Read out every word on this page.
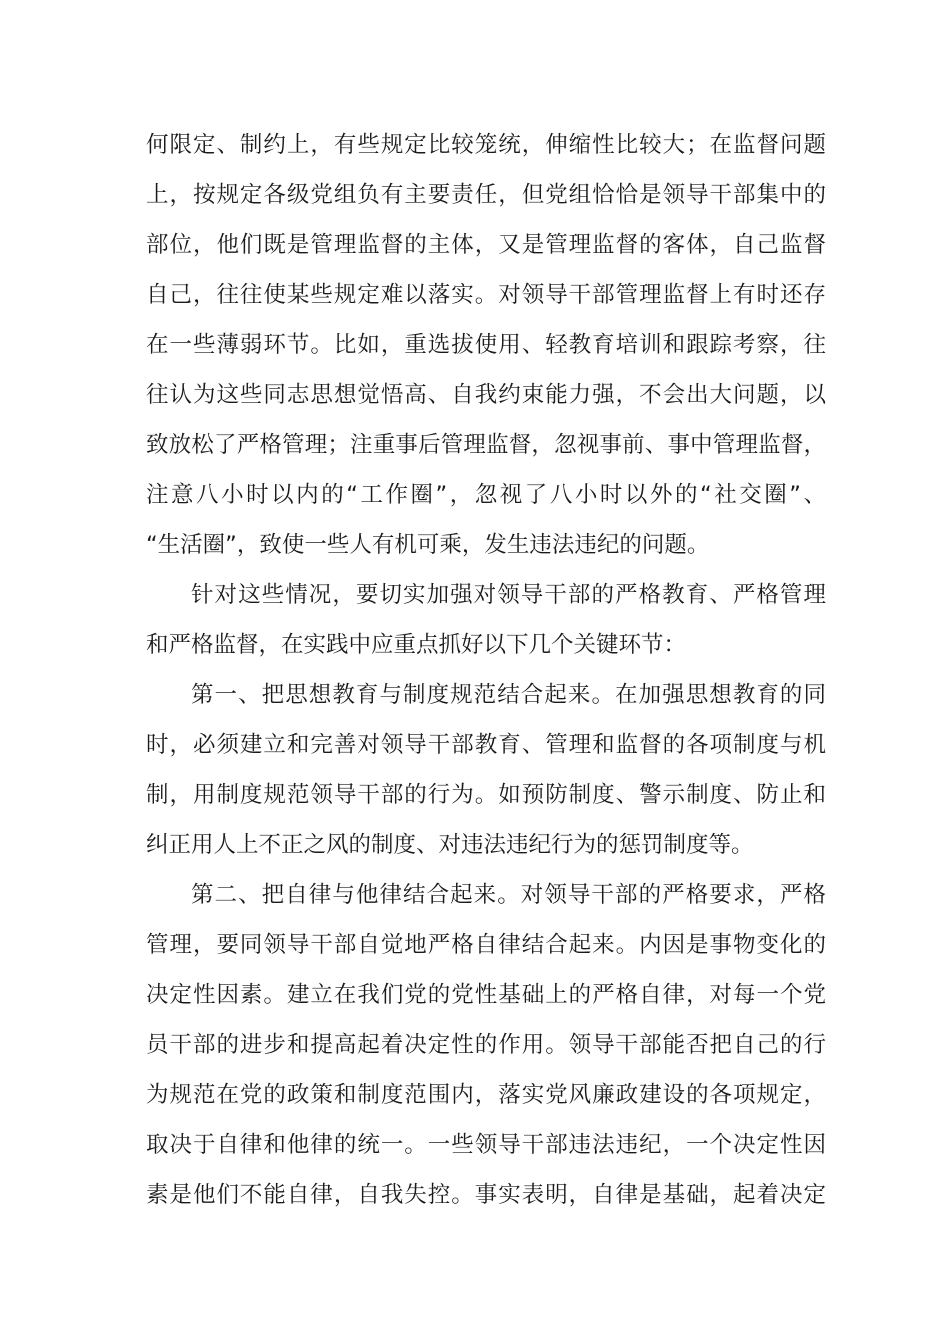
何限定、制约上，有些规定比较笼统，伸缩性比较大；在监督问题
上，按规定各级党组负有主要责任，但党组恰恰是领导干部集中的
部位，他们既是管理监督的主体，又是管理监督的客体，自己监督
自己，往往使某些规定难以落实。对领导干部管理监督上有时还存
在一些薄弱环节。比如，重选拔使用、轻教育培训和跟踪考察，往
往认为这些同志思想觉悟高、自我约束能力强，不会出大问题，以
致放松了严格管理；注重事后管理监督，忽视事前、事中管理监督，
注意八小时以内的“工作圈”，忽视了八小时以外的“社交圈”、
“生活圈”，致使一些人有机可乘，发生违法违纪的问题。
针对这些情况，要切实加强对领导干部的严格教育、严格管理
和严格监督，在实践中应重点抓好以下几个关键环节：
第一、把思想教育与制度规范结合起来。在加强思想教育的同
时，必须建立和完善对领导干部教育、管理和监督的各项制度与机
制，用制度规范领导干部的行为。如预防制度、警示制度、防止和
纠正用人上不正之风的制度、对违法违纪行为的惩罚制度等。
第二、把自律与他律结合起来。对领导干部的严格要求，严格
管理，要同领导干部自觉地严格自律结合起来。内因是事物变化的
决定性因素。建立在我们党的党性基础上的严格自律，对每一个党
员干部的进步和提高起着决定性的作用。领导干部能否把自己的行
为规范在党的政策和制度范围内，落实党风廉政建设的各项规定，
取决于自律和他律的统一。一些领导干部违法违纪，一个决定性因
素是他们不能自律，自我失控。事实表明，自律是基础，起着决定
